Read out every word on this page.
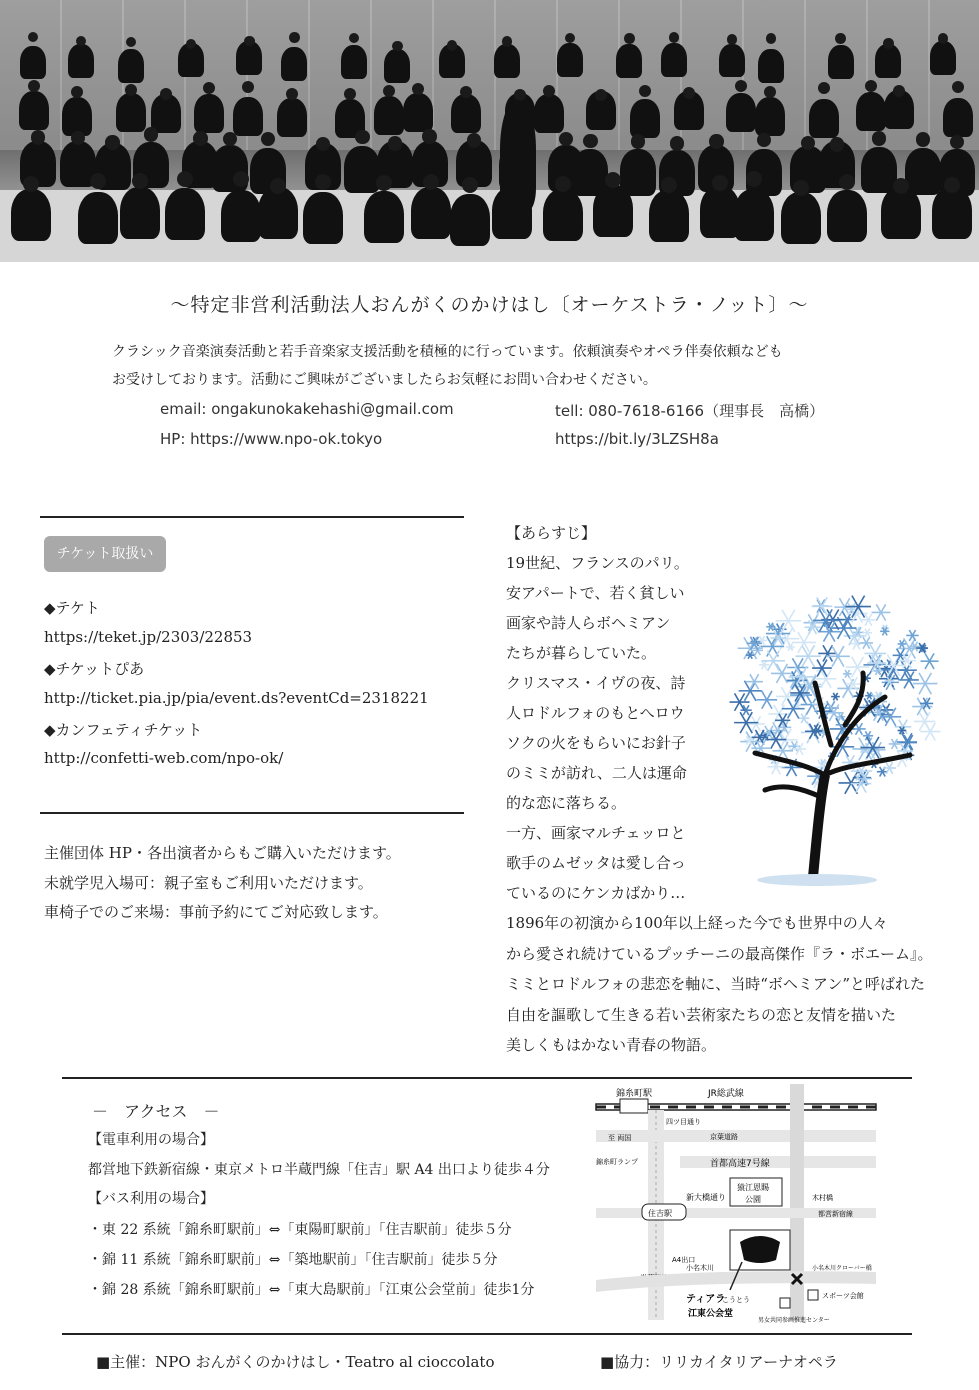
～特定非営利活動法人おんがくのかけはし〔オーケストラ・ノット〕～
クラシック音楽演奏活動と若手音楽家支援活動を積極的に行っています。依頼演奏やオペラ伴奏依頼なども
お受けしております。活動にご興味がございましたらお気軽にお問い合わせください。
email: ongakunokakehashi@gmail.com	tell: 080-7618-6166（理事長　高橋）
HP: https://www.npo-ok.tokyo	https://bit.ly/3LZSH8a
チケット取扱い
◆テケト
https://teket.jp/2303/22853
◆チケットぴあ
http://ticket.pia.jp/pia/event.ds?eventCd=2318221
◆カンフェティチケット
http://confetti-web.com/npo-ok/
主催団体 HP・各出演者からもご購入いただけます。
未就学児入場可：親子室もご利用いただけます。
車椅子でのご来場：事前予約にてご対応致します。
【あらすじ】
19世紀、フランスのパリ。
安アパートで、若く貧しい
画家や詩人らボヘミアン
たちが暮らしていた。
クリスマス・イヴの夜、詩
人ロドルフォのもとへロウ
ソクの火をもらいにお針子
のミミが訪れ、二人は運命
的な恋に落ちる。
一方、画家マルチェッロと
歌手のムゼッタは愛し合っ
ているのにケンカばかり…
1896年の初演から100年以上経った今でも世界中の人々
から愛され続けているプッチーニの最高傑作『ラ・ボエーム』。
ミミとロドルフォの悲恋を軸に、当時“ボヘミアン”と呼ばれた
自由を謳歌して生きる若い芸術家たちの恋と友情を描いた
美しくもはかない青春の物語。
－　アクセス　－
【電車利用の場合】
都営地下鉄新宿線・東京メトロ半蔵門線「住吉」駅 A4 出口より徒歩４分
【バス利用の場合】
・東 22 系統「錦糸町駅前」⇔「東陽町駅前」「住吉駅前」徒歩５分
・錦 11 系統「錦糸町駅前」⇔「築地駅前」「住吉駅前」徒歩５分
・錦 28 系統「錦糸町駅前」⇔「東大島駅前」「江東公会堂前」徒歩1分
錦糸町駅	JR総武線
四ツ目通り
京葉道路
至 両国
首都高速7号線
錦糸町ランプ
猿江恩賜
公園
新大橋通り	木村橋
住吉駅	都営新宿線
A4出口
小名木川	小名木川クローバー橋
ティアラ
こうとう
江東公会堂
男女共同参画推進センター
スポーツ会館
■主催：NPO おんがくのかけはし・Teatro al cioccolato	■協力：リリカイタリアーナオペラ
